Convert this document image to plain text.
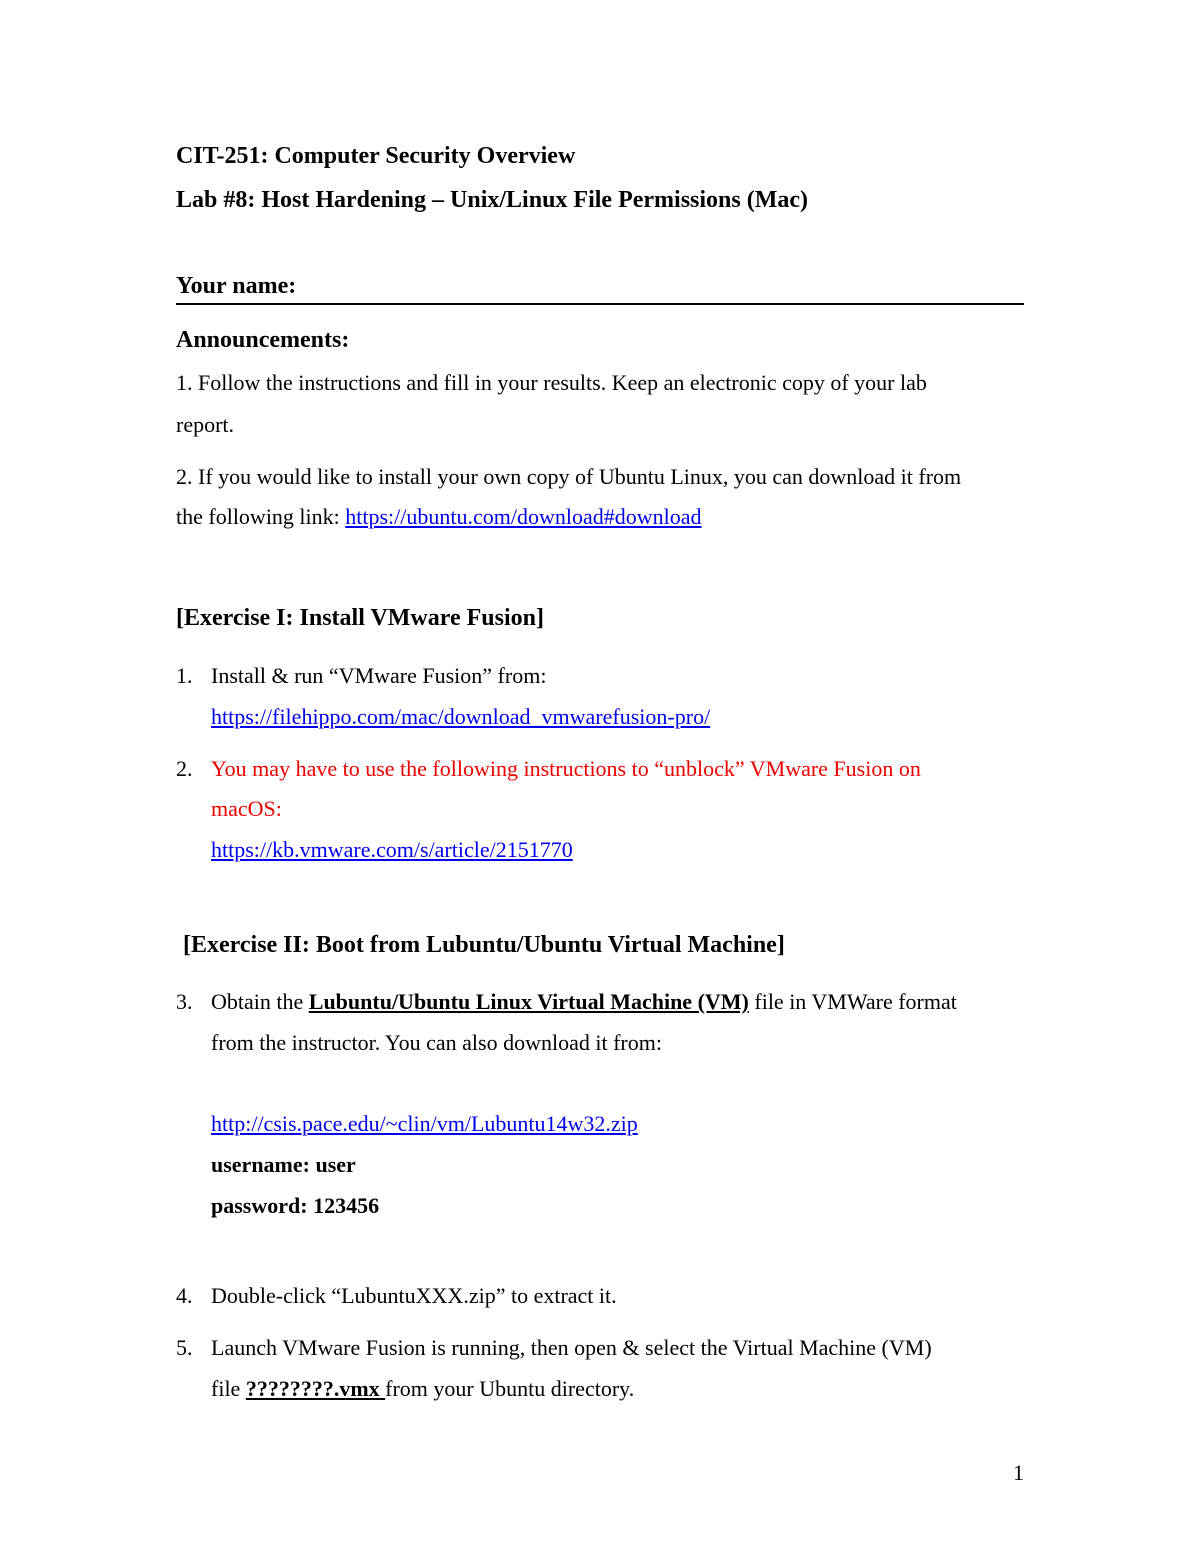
CIT-251: Computer Security Overview
Lab #8: Host Hardening – Unix/Linux File Permissions (Mac)
Your name:
Announcements:
1. Follow the instructions and fill in your results. Keep an electronic copy of your lab
report.
2. If you would like to install your own copy of Ubuntu Linux, you can download it from
the following link: https://ubuntu.com/download#download
[Exercise I: Install VMware Fusion]
1. Install & run “VMware Fusion” from:
https://filehippo.com/mac/download_vmwarefusion-pro/
2. You may have to use the following instructions to “unblock” VMware Fusion on
macOS:
https://kb.vmware.com/s/article/2151770
[Exercise II: Boot from Lubuntu/Ubuntu Virtual Machine]
3. Obtain the Lubuntu/Ubuntu Linux Virtual Machine (VM) file in VMWare format
from the instructor. You can also download it from:
http://csis.pace.edu/~clin/vm/Lubuntu14w32.zip
username: user
password: 123456
4. Double-click “LubuntuXXX.zip” to extract it.
5. Launch VMware Fusion is running, then open & select the Virtual Machine (VM)
file ????????.vmx from your Ubuntu directory.
1
